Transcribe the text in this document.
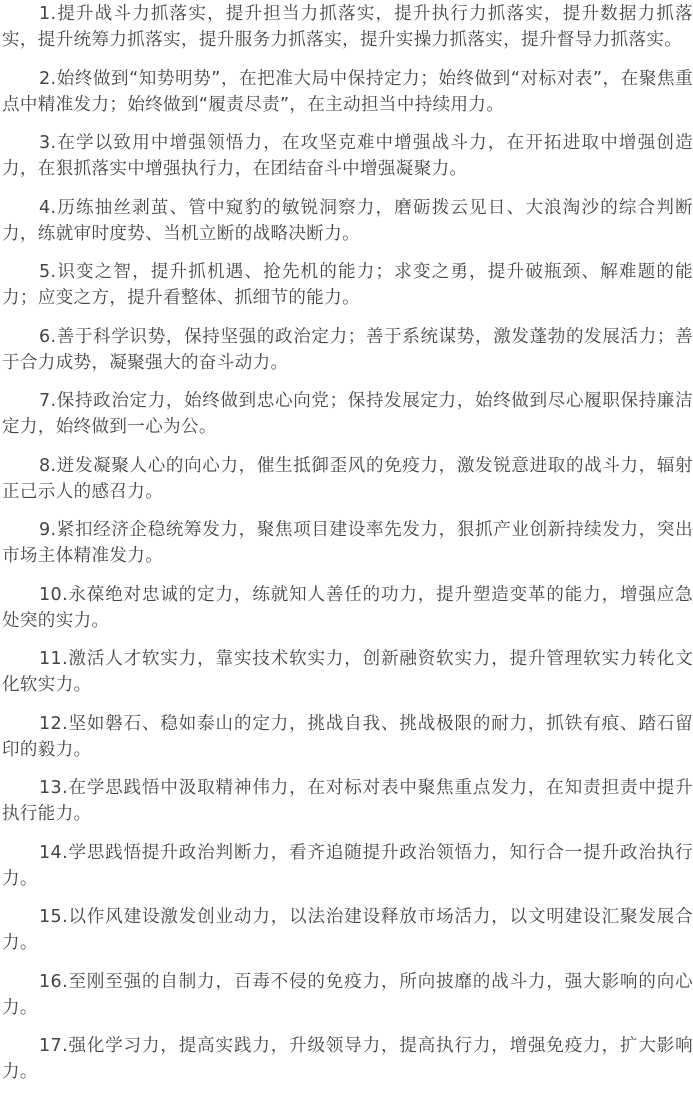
1.提升战斗力抓落实，提升担当力抓落实，提升执行力抓落实，提升数据力抓落实，提升统筹力抓落实，提升服务力抓落实，提升实操力抓落实，提升督导力抓落实。

2.始终做到“知势明势”，在把准大局中保持定力；始终做到“对标对表”，在聚焦重点中精准发力；始终做到“履责尽责”，在主动担当中持续用力。

3.在学以致用中增强领悟力，在攻坚克难中增强战斗力，在开拓进取中增强创造力，在狠抓落实中增强执行力，在团结奋斗中增强凝聚力。

4.历练抽丝剥茧、管中窥豹的敏锐洞察力，磨砺拨云见日、大浪淘沙的综合判断力，练就审时度势、当机立断的战略决断力。

5.识变之智，提升抓机遇、抢先机的能力；求变之勇，提升破瓶颈、解难题的能力；应变之方，提升看整体、抓细节的能力。

6.善于科学识势，保持坚强的政治定力；善于系统谋势，激发蓬勃的发展活力；善于合力成势，凝聚强大的奋斗动力。

7.保持政治定力，始终做到忠心向党；保持发展定力，始终做到尽心履职保持廉洁定力，始终做到一心为公。

8.迸发凝聚人心的向心力，催生抵御歪风的免疫力，激发锐意进取的战斗力，辐射正己示人的感召力。

9.紧扣经济企稳统筹发力，聚焦项目建设率先发力，狠抓产业创新持续发力，突出市场主体精准发力。

10.永葆绝对忠诚的定力，练就知人善任的功力，提升塑造变革的能力，增强应急处突的实力。

11.激活人才软实力，靠实技术软实力，创新融资软实力，提升管理软实力转化文化软实力。

12.坚如磐石、稳如泰山的定力，挑战自我、挑战极限的耐力，抓铁有痕、踏石留印的毅力。

13.在学思践悟中汲取精神伟力，在对标对表中聚焦重点发力，在知责担责中提升执行能力。

14.学思践悟提升政治判断力，看齐追随提升政治领悟力，知行合一提升政治执行力。

15.以作风建设激发创业动力，以法治建设释放市场活力，以文明建设汇聚发展合力。

16.至刚至强的自制力，百毒不侵的免疫力，所向披靡的战斗力，强大影响的向心力。

17.强化学习力，提高实践力，升级领导力，提高执行力，增强免疫力，扩大影响力。
